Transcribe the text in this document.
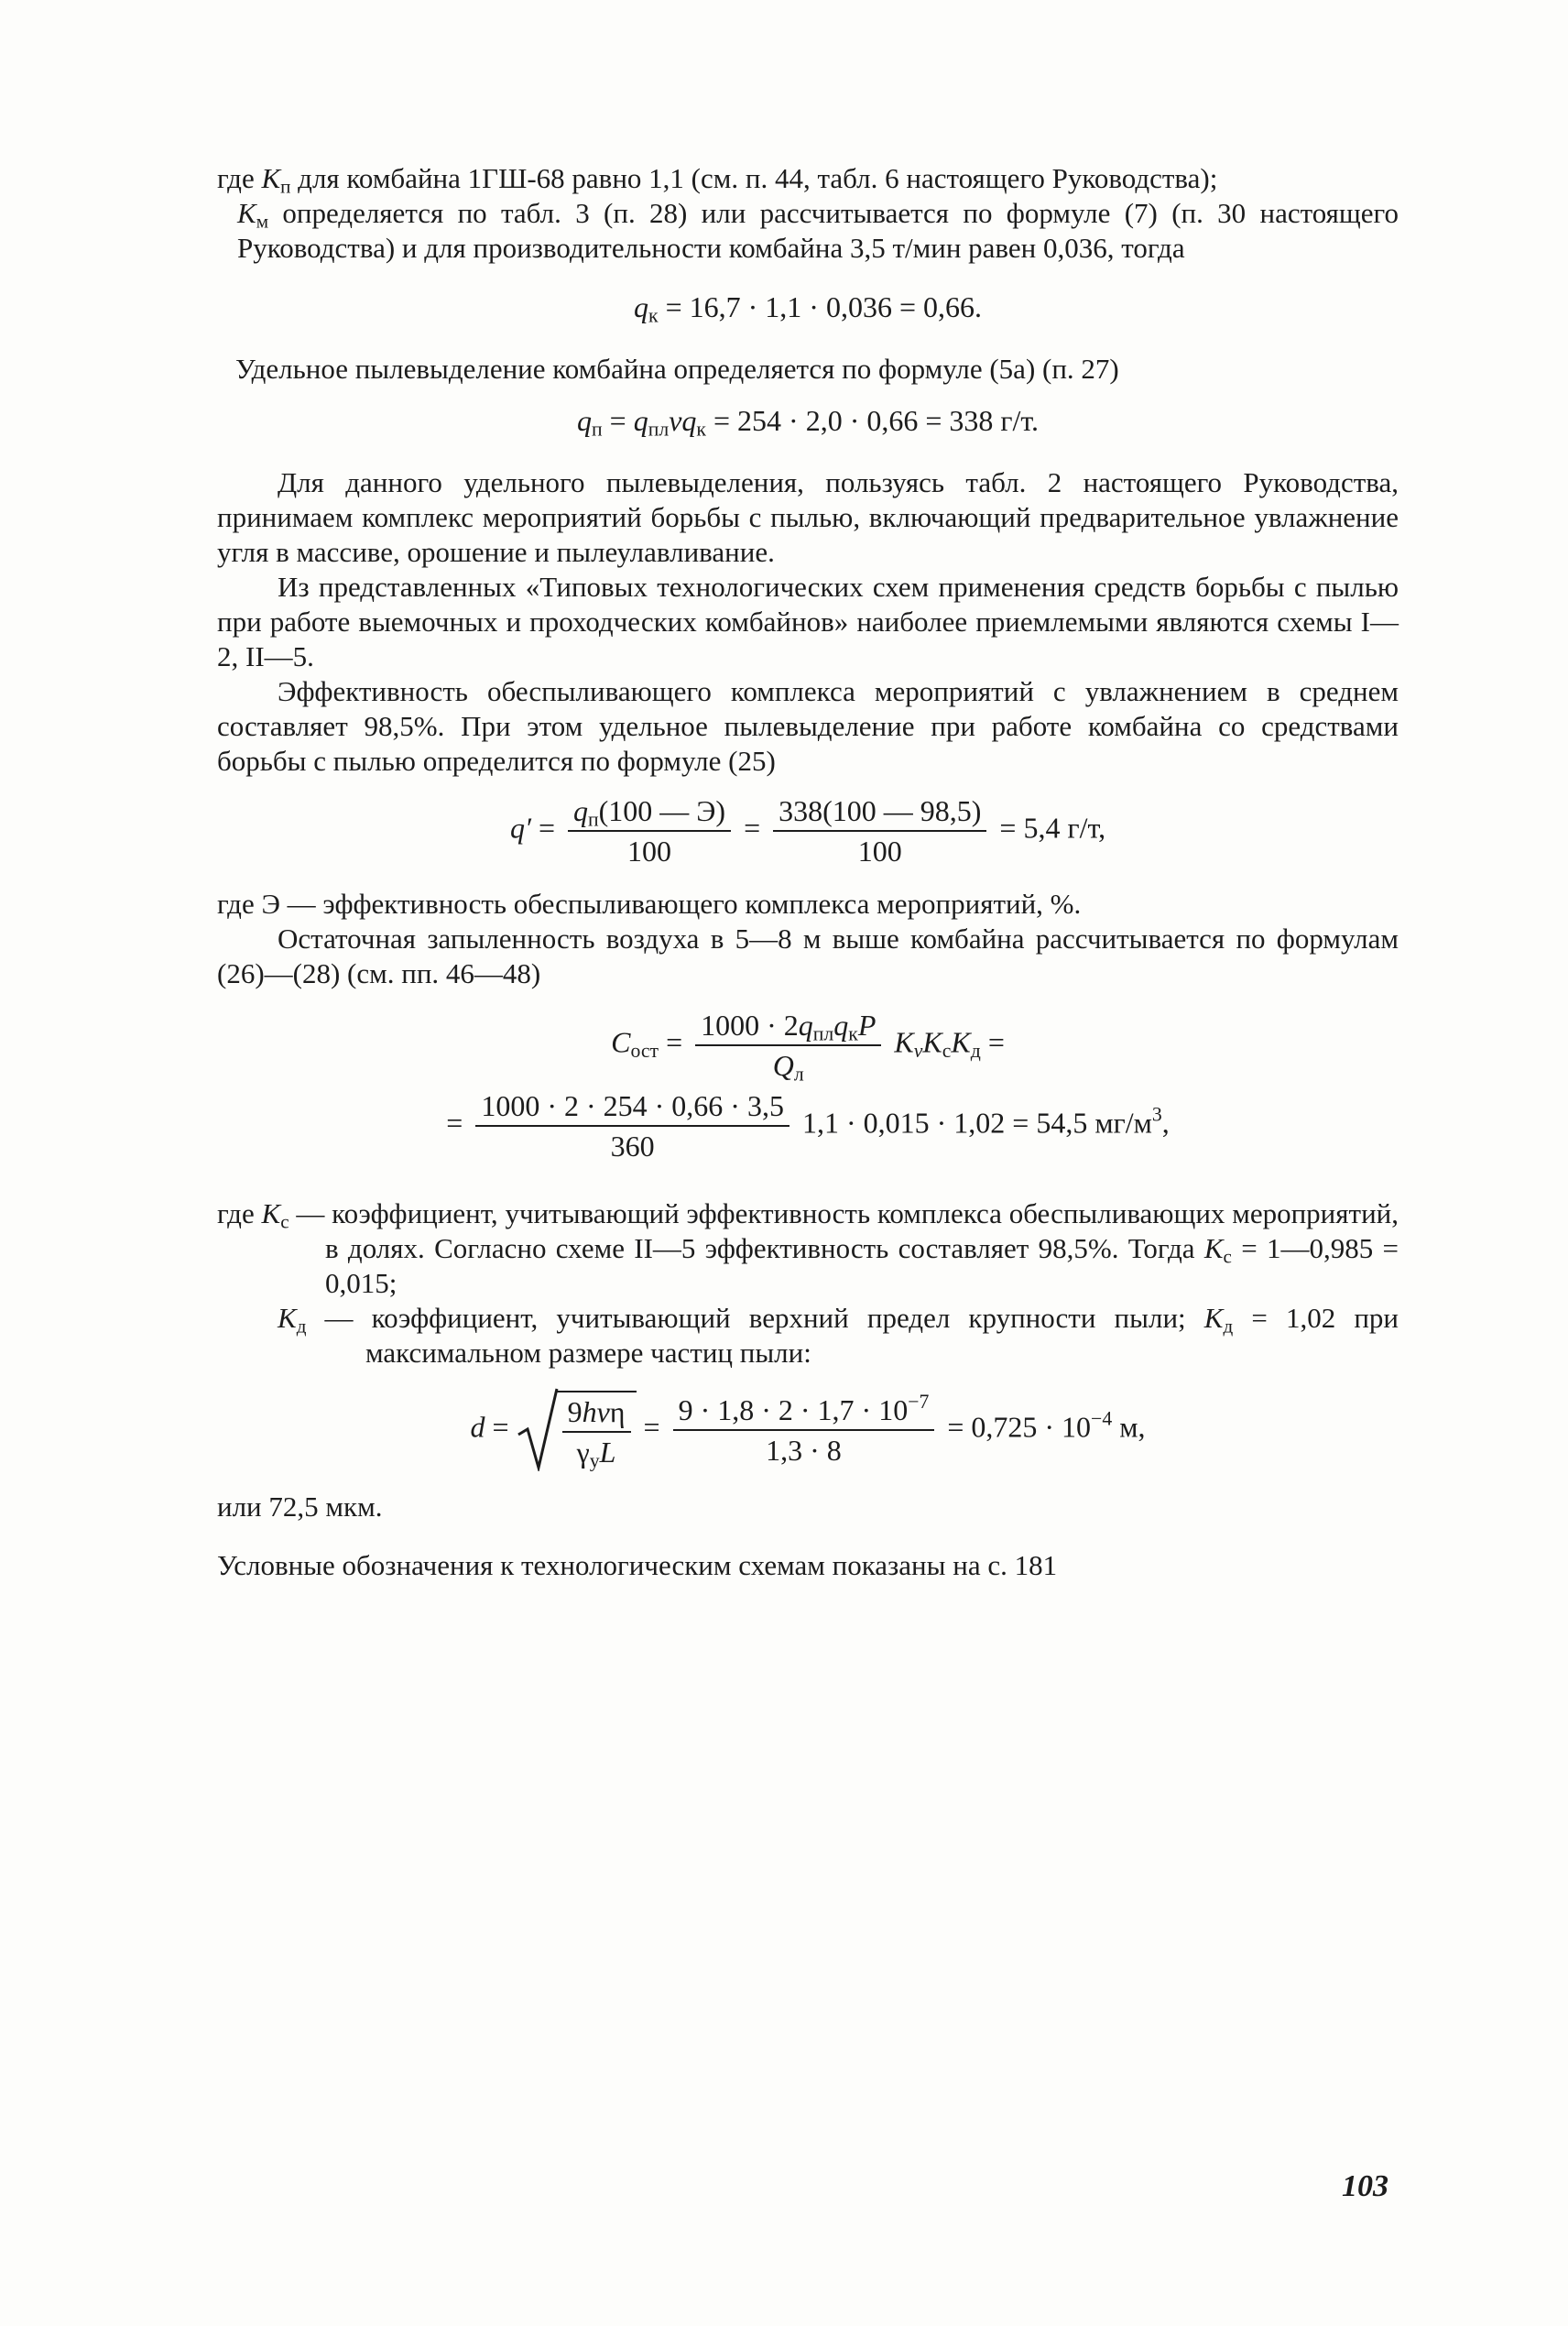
где $K_п$ для комбайна 1ГШ-68 равно 1,1 (см. п. 44, табл. 6 настоящего Руководства);

$K_м$ определяется по табл. 3 (п. 28) или рассчитывается по формуле (7) (п. 30 настоящего Руководства) и для производительности комбайна 3,5 т/мин равен 0,036, тогда

$q_к = 16,7 \cdot 1,1 \cdot 0,036 = 0,66$.

Удельное пылевыделение комбайна определяется по формуле (5а) (п. 27)

$q_п = q_{пл}vq_к = 254 \cdot 2,0 \cdot 0,66 = 338$ г/т.

Для данного удельного пылевыделения, пользуясь табл. 2 настоящего Руководства, принимаем комплекс мероприятий борьбы с пылью, включающий предварительное увлажнение угля в массиве, орошение и пылеулавливание.

Из представленных «Типовых технологических схем применения средств борьбы с пылью при работе выемочных и проходческих комбайнов» наиболее приемлемыми являются схемы I—2, II—5.

Эффективность обеспыливающего комплекса мероприятий с увлажнением в среднем составляет 98,5%. При этом удельное пылевыделение при работе комбайна со средствами борьбы с пылью определится по формуле (25)

$q' = \frac{q_п(100 — Э)}{100} = \frac{338(100 — 98,5)}{100} = 5,4$ г/т,

где Э — эффективность обеспыливающего комплекса мероприятий, %.

Остаточная запыленность воздуха в 5—8 м выше комбайна рассчитывается по формулам (26)—(28) (см. пп. 46—48)

$C_{ост} = \frac{1000 \cdot 2q_{пл}q_кP}{Q_л} K_vK_сK_д$ =

= $\frac{1000 \cdot 2 \cdot 254 \cdot 0,66 \cdot 3,5}{360} 1,1 \cdot 0,015 \cdot 1,02 = 54,5$ $мг/м^3$,

где $K_с$ — коэффициент, учитывающий эффективность комплекса обеспыливающих мероприятий, в долях. Согласно схеме II—5 эффективность составляет 98,5%. Тогда $K_с$ = 1—0,985 = 0,015;

$K_д$ — коэффициент, учитывающий верхний предел крупности пыли; $K_д = 1,02$ при максимальном размере частиц пыли:

$d = \frac{\text{9hvη}}{\gamma_уL} = \frac{9 \cdot 1,8 \cdot 2 \cdot 1,7 \cdot 10^{-7}}{1,3 \cdot 8} = 0,725 \cdot 10^{-4}$ м,

или 72,5 мкм.

Условные обозначения к технологическим схемам показаны на с. 181

103
